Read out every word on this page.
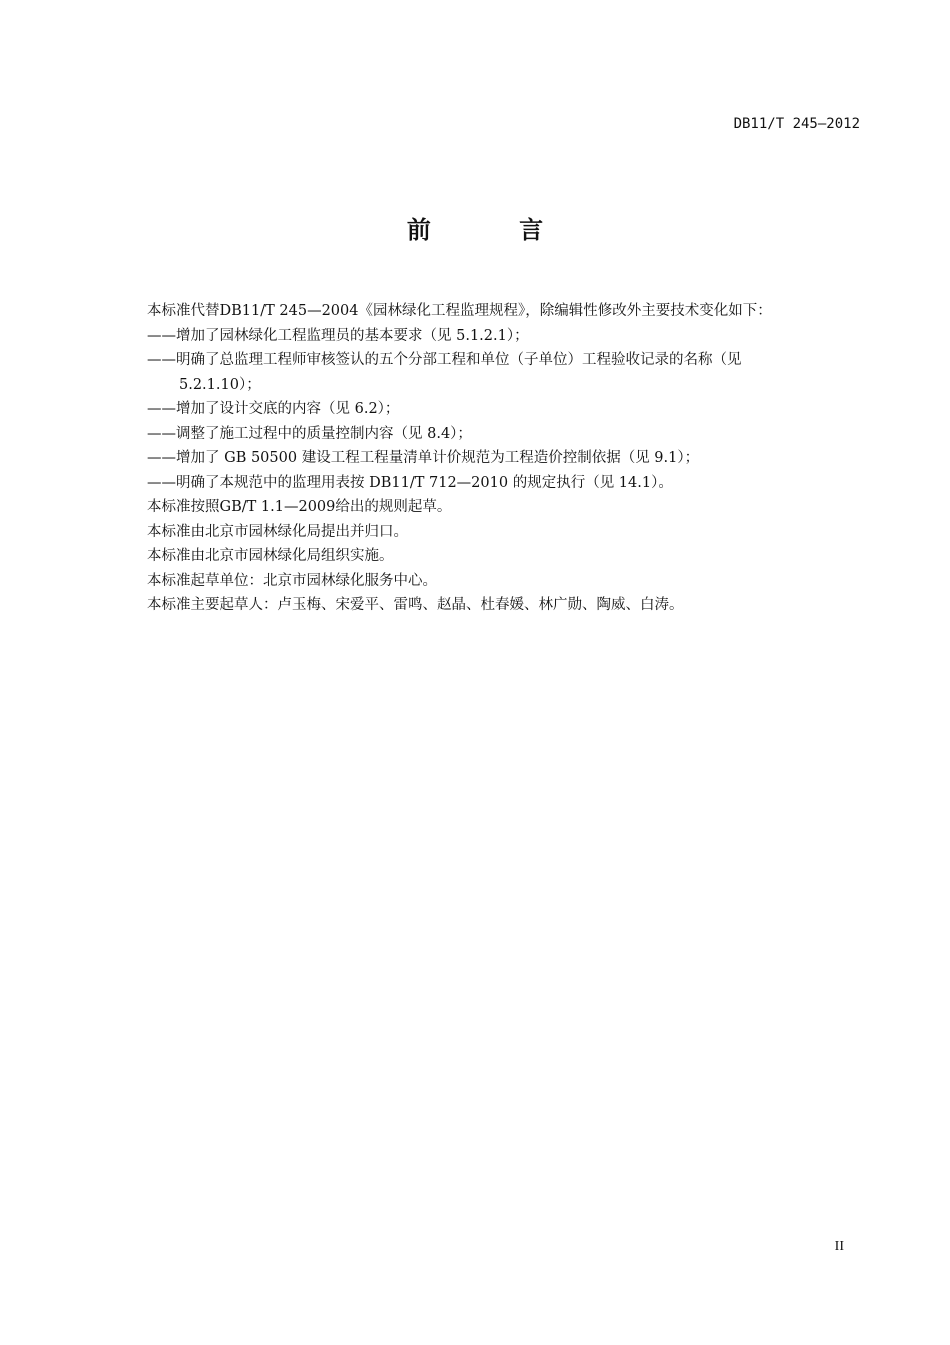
DB11/T 245—2012
前 言

本标准代替DB11/T 245—2004《园林绿化工程监理规程》，除编辑性修改外主要技术变化如下：

——增加了园林绿化工程监理员的基本要求（见 5.1.2.1）；

——明确了总监理工程师审核签认的五个分部工程和单位（子单位）工程验收记录的名称（见

5.2.1.10）；

——增加了设计交底的内容（见 6.2）；

——调整了施工过程中的质量控制内容（见 8.4）；

——增加了 GB 50500 建设工程工程量清单计价规范为工程造价控制依据（见 9.1）；

——明确了本规范中的监理用表按 DB11/T 712—2010 的规定执行（见 14.1）。

本标准按照GB/T 1.1—2009给出的规则起草。

本标准由北京市园林绿化局提出并归口。

本标准由北京市园林绿化局组织实施。

本标准起草单位：北京市园林绿化服务中心。

本标准主要起草人：卢玉梅、宋爱平、雷鸣、赵晶、杜春媛、林广勋、陶威、白涛。

II
